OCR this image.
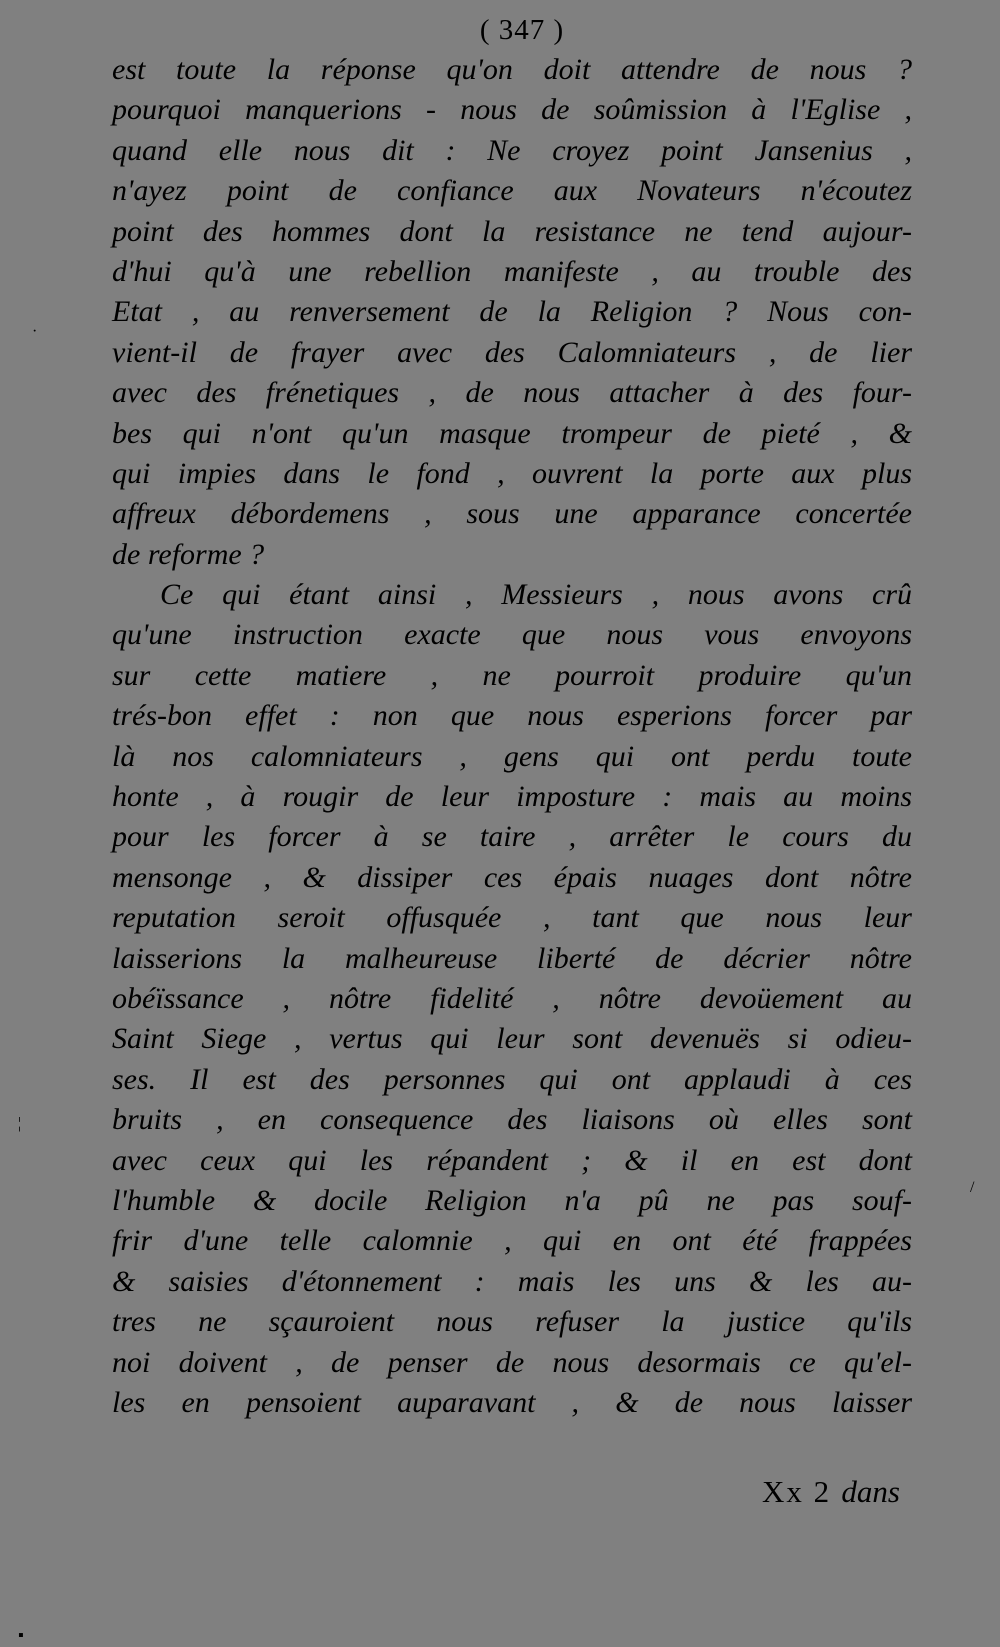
( 347 )
est toute la réponse qu'on doit attendre de nous ?
pourquoi manquerions - nous de soûmission à l'Eglise ,
quand elle nous dit : Ne croyez point Jansenius ,
n'ayez point de confiance aux Novateurs n'écoutez
point des hommes dont la resistance ne tend aujour-
d'hui qu'à une rebellion manifeste , au trouble des
Etat , au renversement de la Religion ? Nous con-
vient-il de frayer avec des Calomniateurs , de lier
avec des frénetiques , de nous attacher à des four-
bes qui n'ont qu'un masque trompeur de pieté , &
qui impies dans le fond , ouvrent la porte aux plus
affreux débordemens , sous une apparance concertée
de reforme ?
Ce qui étant ainsi , Messieurs , nous avons crû
qu'une instruction exacte que nous vous envoyons
sur cette matiere , ne pourroit produire qu'un
trés-bon effet : non que nous esperions forcer par
là nos calomniateurs , gens qui ont perdu toute
honte , à rougir de leur imposture : mais au moins
pour les forcer à se taire , arrêter le cours du
mensonge , & dissiper ces épais nuages dont nôtre
reputation seroit offusquée , tant que nous leur
laisserions la malheureuse liberté de décrier nôtre
obéïssance , nôtre fidelité , nôtre devoüement au
Saint Siege , vertus qui leur sont devenuës si odieu-
ses. Il est des personnes qui ont applaudi à ces
bruits , en consequence des liaisons où elles sont
avec ceux qui les répandent ; & il en est dont
l'humble & docile Religion n'a pû ne pas souf-
frir d'une telle calomnie , qui en ont été frappées
& saisies d'étonnement : mais les uns & les au-
tres ne sçauroient nous refuser la justice qu'ils
noi doivent , de penser de nous desormais ce qu'el-
les en pensoient auparavant , & de nous laisser
Xx 2 dans
·
¦
/
▪
